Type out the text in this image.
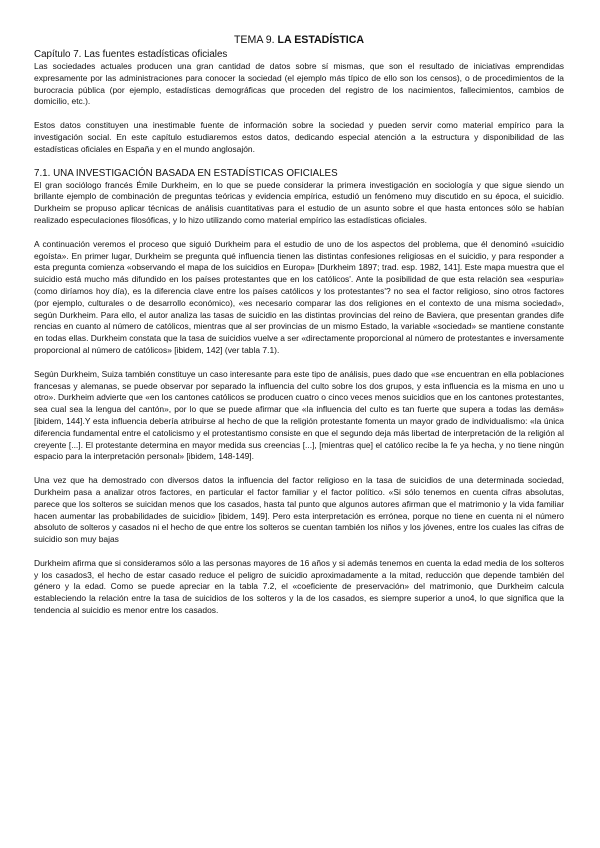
TEMA 9. LA ESTADÍSTICA
Capítulo 7. Las fuentes estadísticas oficiales

Las sociedades actuales producen una gran cantidad de datos sobre sí mismas, que son el resultado de iniciativas emprendidas expresamente por las administraciones para conocer la sociedad (el ejemplo más típico de ello son los censos), o de procedimientos de la burocracia pública (por ejemplo, estadísticas demográficas que proceden del registro de los nacimientos, fallecimientos, cambios de domicilio, etc.).

Estos datos constituyen una inestimable fuente de información sobre la sociedad y pueden servir como material empírico para la investigación social. En este capítulo estudiaremos estos datos, dedicando especial atención a la estructura y disponibilidad de las estadísticas oficiales en España y en el mundo anglosajón.

7.1. UNA INVESTIGACIÓN BASADA EN ESTADÍSTICAS OFICIALES

El gran sociólogo francés Émile Durkheim, en lo que se puede considerar la primera investigación en sociología y que sigue siendo un brillante ejemplo de combinación de preguntas teóricas y evidencia empírica, estudió un fenómeno muy discutido en su época, el suicidio. Durkheim se propuso aplicar técnicas de análisis cuantitativas para el estudio de un asunto sobre el que hasta entonces sólo se habían realizado especulaciones filosóficas, y lo hizo utilizando como material empírico las estadísticas oficiales.

A continuación veremos el proceso que siguió Durkheim para el estudio de uno de los aspectos del problema, que él denominó «suicidio egoísta». En primer lugar, Durkheim se pregunta qué influencia tienen las distintas confesiones religiosas en el suicidio, y para responder a esta pregunta comienza «observando el mapa de los suicidios en Europa» [Durkheim 1897; trad. esp. 1982, 141]. Este mapa muestra que el suicidio está mucho más difundido en los países protestantes que en los católicos'. Ante la posibilidad de que esta relación sea «espuria» (como diríamos hoy día), es la diferencia clave entre los países católicos y los protestantes'? no sea el factor religioso, sino otros factores (por ejemplo, culturales o de desarrollo económico), «es necesario comparar las dos religiones en el contexto de una misma sociedad», según Durkheim. Para ello, el autor analiza las tasas de suicidio en las distintas provincias del reino de Baviera, que presentan grandes dife rencias en cuanto al número de católicos, mientras que al ser provincias de un mismo Estado, la variable «sociedad» se mantiene constante en todas ellas. Durkheim constata que la tasa de suicidios vuelve a ser «directamente proporcional al número de protestantes e inversamente proporcional al número de católicos» [ibidem, 142] (ver tabla 7.1).

Según Durkheim, Suiza también constituye un caso interesante para este tipo de análisis, pues dado que «se encuentran en ella poblaciones francesas y alemanas, se puede observar por separado la influencia del culto sobre los dos grupos, y esta influencia es la misma en uno u otro». Durkheim advierte que «en los cantones católicos se producen cuatro o cinco veces menos suicidios que en los cantones protestantes, sea cual sea la lengua del cantón», por lo que se puede afirmar que «la influencia del culto es tan fuerte que supera a todas las demás» [ibidem, 144].Y esta influencia debería atribuirse al hecho de que la religión protestante fomenta un mayor grado de individualismo: «la única diferencia fundamental entre el catolicismo y el protestantismo consiste en que el segundo deja más libertad de interpretación de la religión al creyente [...]. El protestante determina en mayor medida sus creencias [...], [mientras que] el católico recibe la fe ya hecha, y no tiene ningún espacio para la interpretación personal» [ibidem, 148-149].

Una vez que ha demostrado con diversos datos la influencia del factor religioso en la tasa de suicidios de una determinada sociedad, Durkheim pasa a analizar otros factores, en particular el factor familiar y el factor político. «Si sólo tenemos en cuenta cifras absolutas, parece que los solteros se suicidan menos que los casados, hasta tal punto que algunos autores afirman que el matrimonio y la vida familiar hacen aumentar las probabilidades de suicidio» [ibidem, 149]. Pero esta interpretación es errónea, porque no tiene en cuenta ni el número absoluto de solteros y casados ni el hecho de que entre los solteros se cuentan también los niños y los jóvenes, entre los cuales las cifras de suicidio son muy bajas

Durkheim afirma que si consideramos sólo a las personas mayores de 16 años y si además tenemos en cuenta la edad media de los solteros y los casados3, el hecho de estar casado reduce el peligro de suicidio aproximadamente a la mitad, reducción que depende también del género y la edad. Como se puede apreciar en la tabla 7.2, el «coeficiente de preservación» del matrimonio, que Durkheim calcula estableciendo la relación entre la tasa de suicidios de los solteros y la de los casados, es siempre superior a uno4, lo que significa que la tendencia al suicidio es menor entre los casados.
